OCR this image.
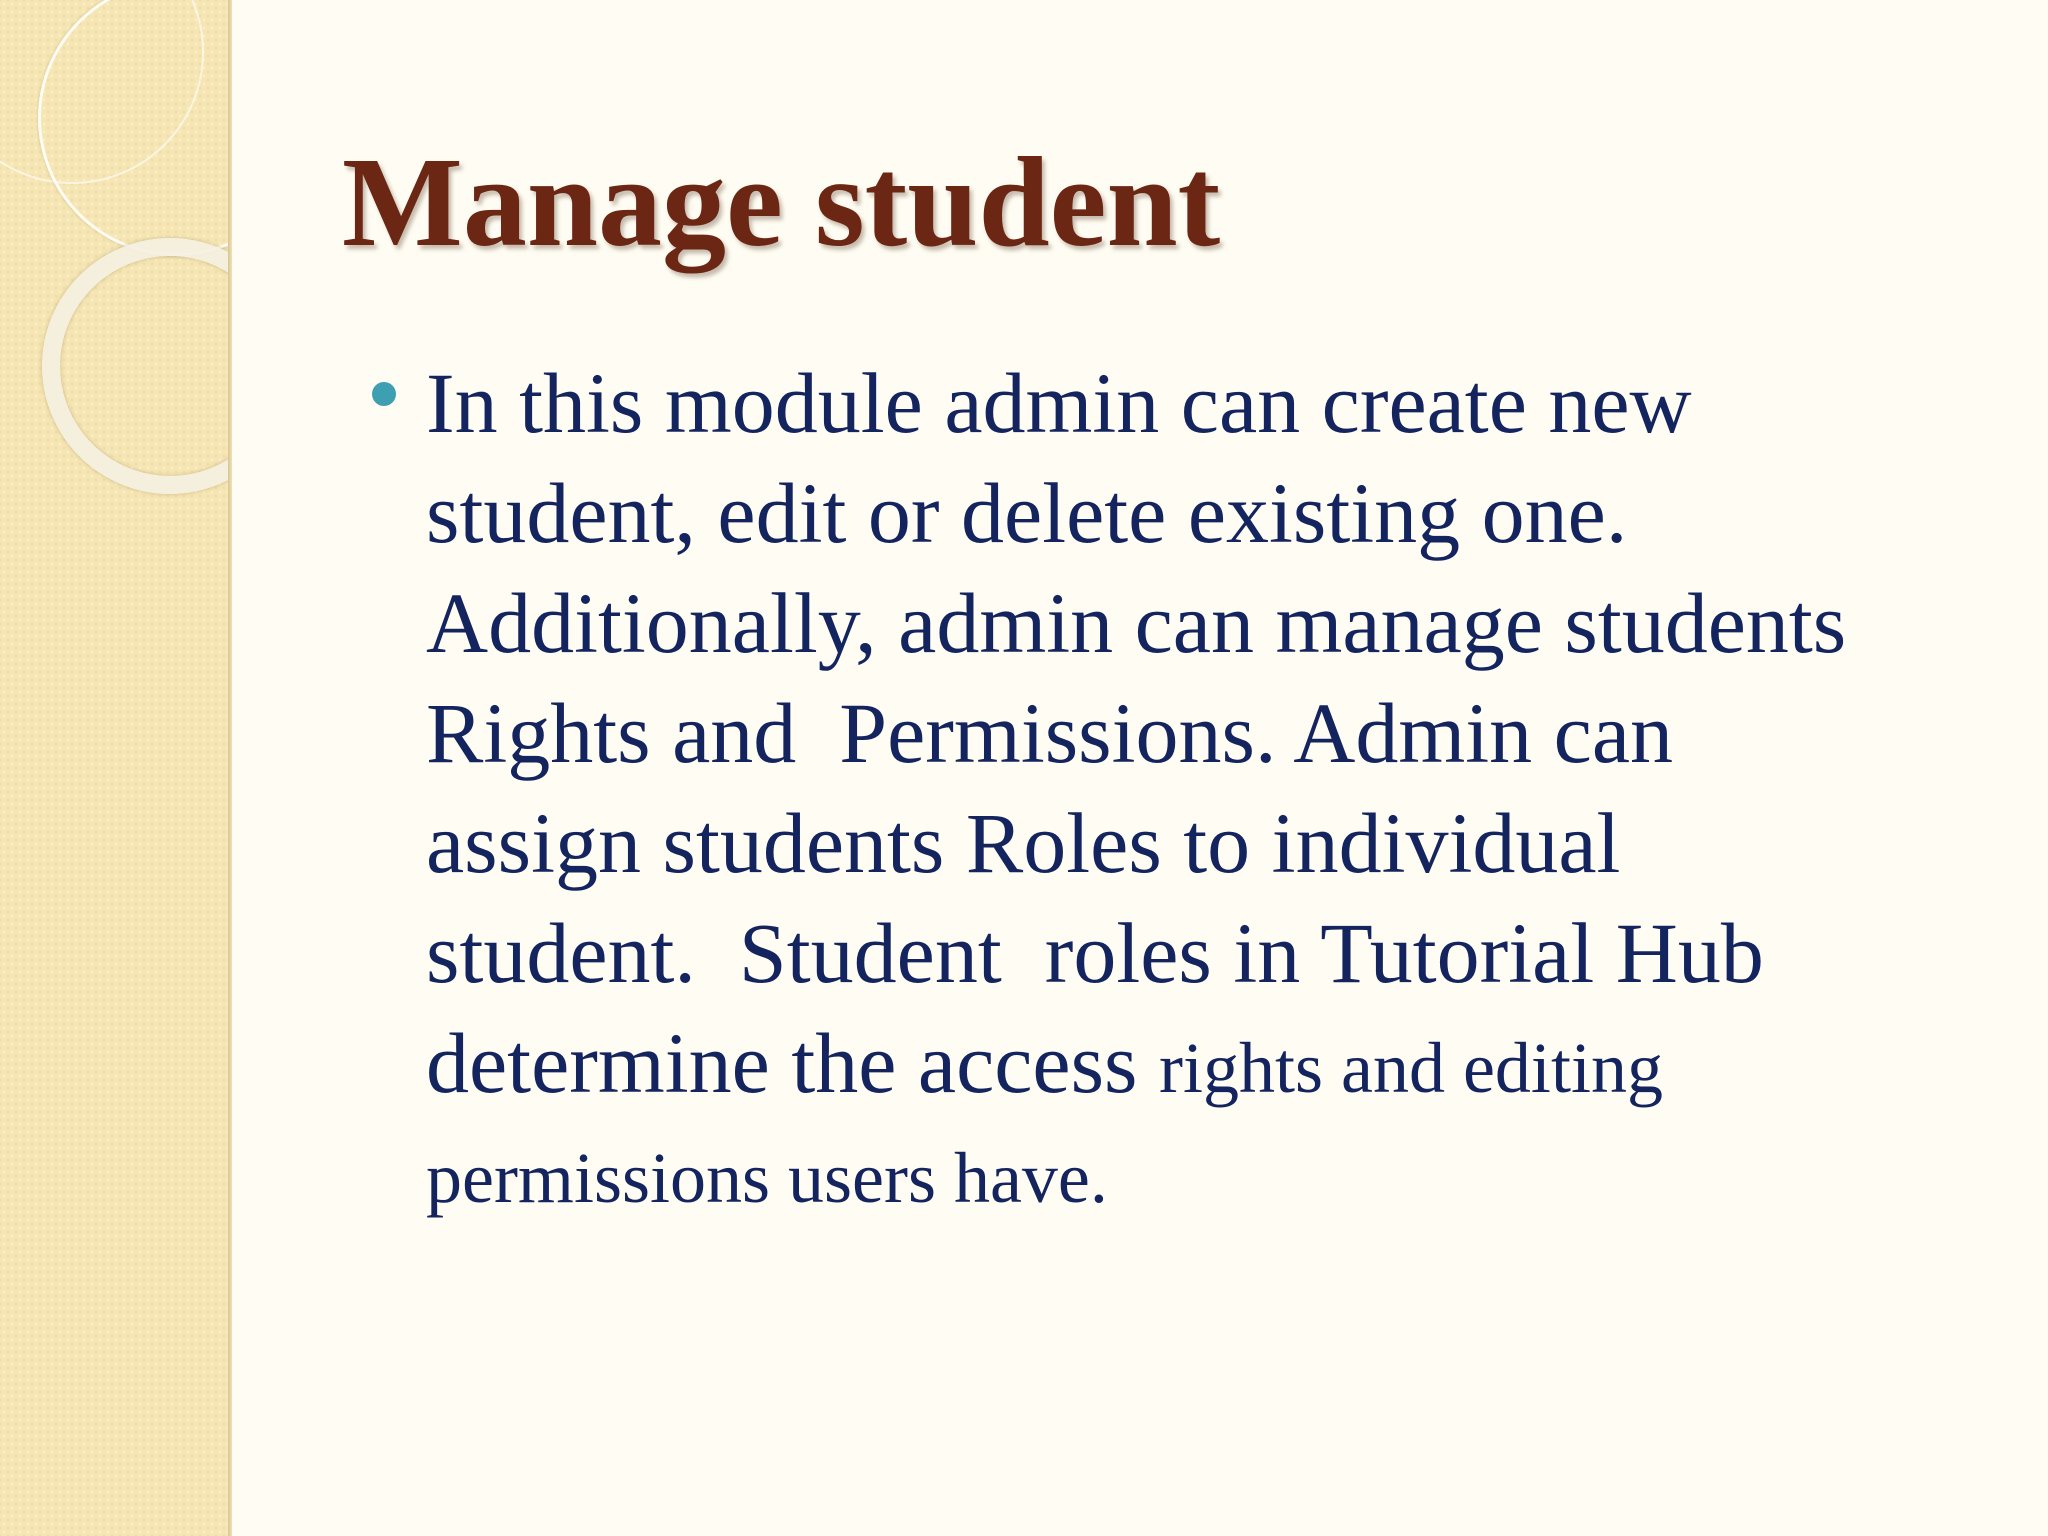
Manage student
In this module admin can create new
student, edit or delete existing one.
Additionally, admin can manage students
Rights and  Permissions. Admin can
assign students Roles to individual
student.  Student  roles in Tutorial Hub
determine the access rights and editing
permissions users have.
